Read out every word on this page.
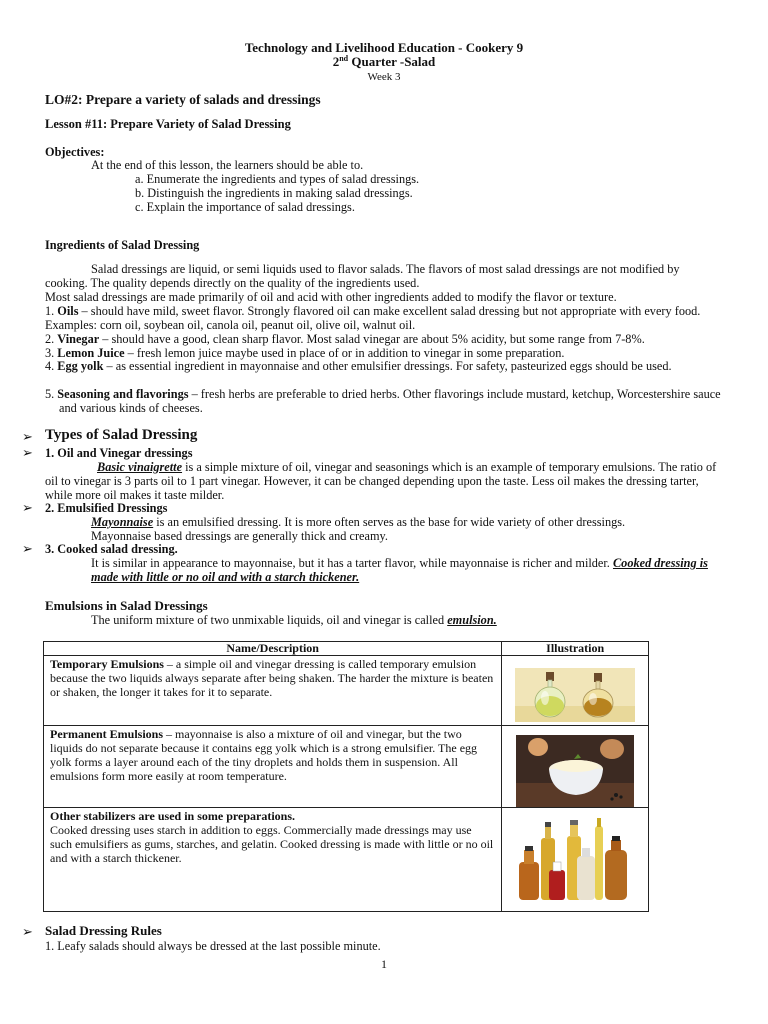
Technology and Livelihood Education - Cookery 9
2nd Quarter -Salad
Week 3
LO#2: Prepare a variety of salads and dressings
Lesson #11: Prepare Variety of Salad Dressing
Objectives:
At the end of this lesson, the learners should be able to.
a. Enumerate the ingredients and types of salad dressings.
b. Distinguish the ingredients in making salad dressings.
c. Explain the importance of salad dressings.
Ingredients of Salad Dressing
Salad dressings are liquid, or semi liquids used to flavor salads. The flavors of most salad dressings are not modified by cooking. The quality depends directly on the quality of the ingredients used.
Most salad dressings are made primarily of oil and acid with other ingredients added to modify the flavor or texture.
1. Oils – should have mild, sweet flavor. Strongly flavored oil can make excellent salad dressing but not appropriate with every food. Examples: corn oil, soybean oil, canola oil, peanut oil, olive oil, walnut oil.
2. Vinegar – should have a good, clean sharp flavor. Most salad vinegar are about 5% acidity, but some range from 7-8%.
3. Lemon Juice – fresh lemon juice maybe used in place of or in addition to vinegar in some preparation.
4. Egg yolk – as essential ingredient in mayonnaise and other emulsifier dressings. For safety, pasteurized eggs should be used.
5. Seasoning and flavorings – fresh herbs are preferable to dried herbs. Other flavorings include mustard, ketchup, Worcestershire sauce and various kinds of cheeses.
➢ Types of Salad Dressing
➢ 1. Oil and Vinegar dressings
Basic vinaigrette is a simple mixture of oil, vinegar and seasonings which is an example of temporary emulsions. The ratio of oil to vinegar is 3 parts oil to 1 part vinegar. However, it can be changed depending upon the taste. Less oil makes the dressing tarter, while more oil makes it taste milder.
➢ 2. Emulsified Dressings
Mayonnaise is an emulsified dressing. It is more often serves as the base for wide variety of other dressings.
Mayonnaise based dressings are generally thick and creamy.
➢ 3. Cooked salad dressing.
It is similar in appearance to mayonnaise, but it has a tarter flavor, while mayonnaise is richer and milder. Cooked dressing is made with little or no oil and with a starch thickener.
Emulsions in Salad Dressings
The uniform mixture of two unmixable liquids, oil and vinegar is called emulsion.
Name/Description	Illustration
Temporary Emulsions – a simple oil and vinegar dressing is called temporary emulsion because the two liquids always separate after being shaken. The harder the mixture is beaten or shaken, the longer it takes for it to separate.	

Permanent Emulsions – mayonnaise is also a mixture of oil and vinegar, but the two liquids do not separate because it contains egg yolk which is a strong emulsifier. The egg yolk forms a layer around each of the tiny droplets and holds them in suspension. All emulsions form more easily at room temperature.	

Other stabilizers are used in some preparations.
Cooked dressing uses starch in addition to eggs. Commercially made dressings may use such emulsifiers as gums, starches, and gelatin. Cooked dressing is made with little or no oil and with a starch thickener.	
➢ Salad Dressing Rules
1. Leafy salads should always be dressed at the last possible minute.
1
